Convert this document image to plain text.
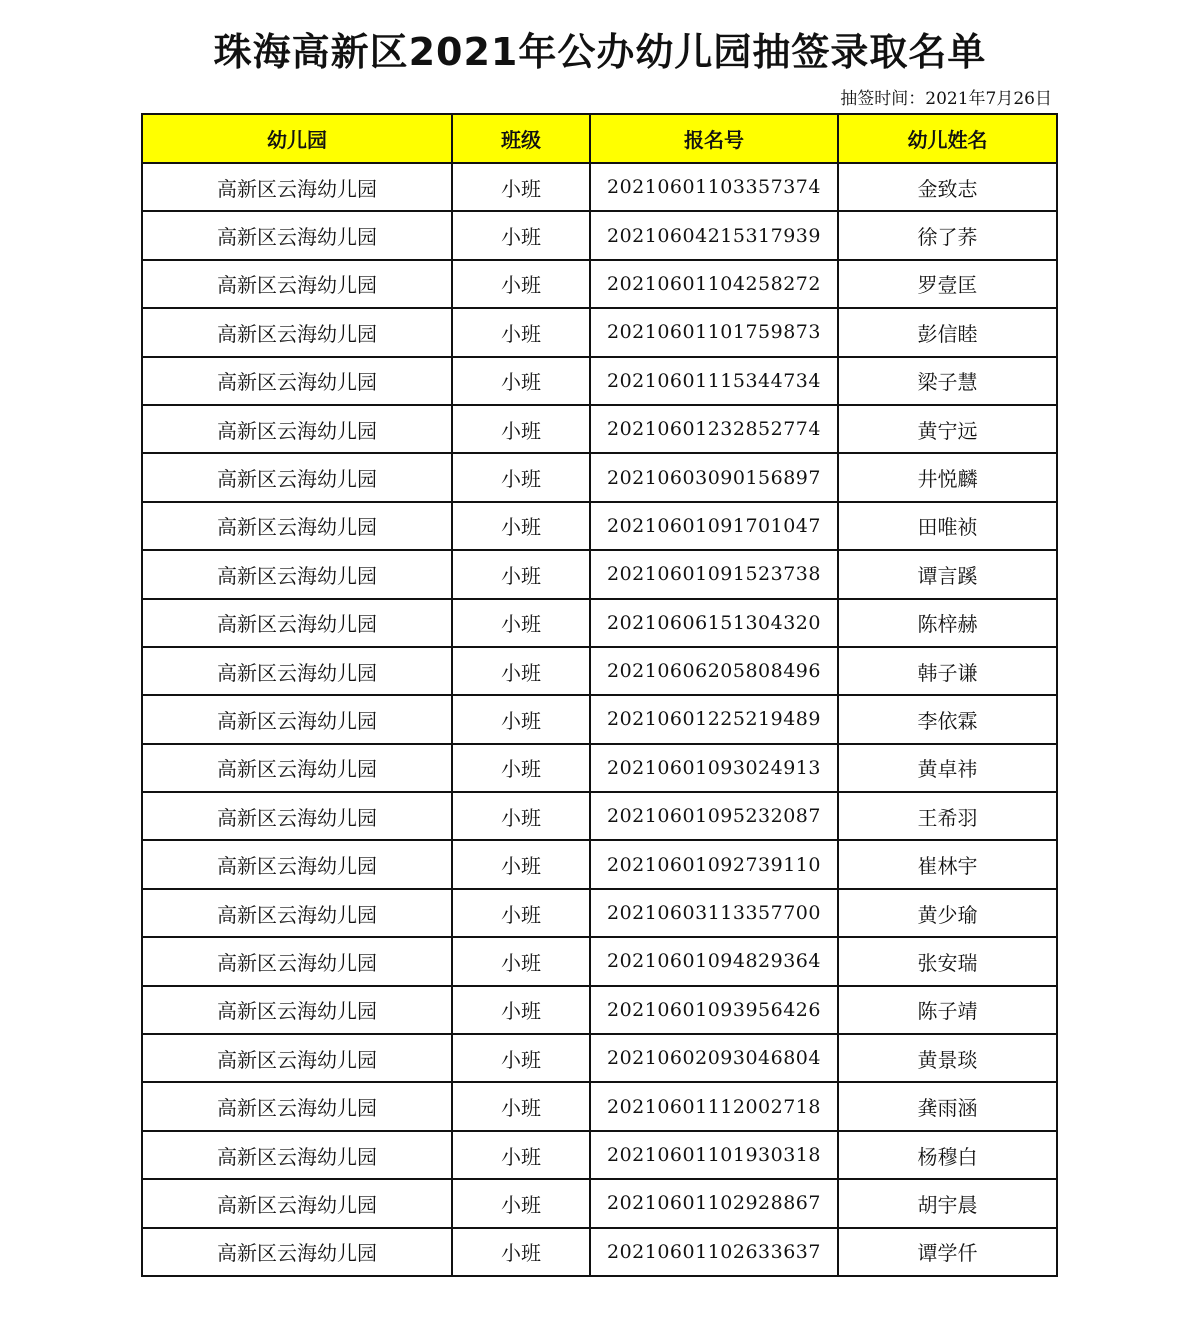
珠海高新区2021年公办幼儿园抽签录取名单
抽签时间：2021年7月26日
幼儿园	班级	报名号	幼儿姓名
高新区云海幼儿园	小班	20210601103357374	金致志
高新区云海幼儿园	小班	20210604215317939	徐了荞
高新区云海幼儿园	小班	20210601104258272	罗壹匡
高新区云海幼儿园	小班	20210601101759873	彭信睦
高新区云海幼儿园	小班	20210601115344734	梁子慧
高新区云海幼儿园	小班	20210601232852774	黄宁远
高新区云海幼儿园	小班	20210603090156897	井悦麟
高新区云海幼儿园	小班	20210601091701047	田唯祯
高新区云海幼儿园	小班	20210601091523738	谭言蹊
高新区云海幼儿园	小班	20210606151304320	陈梓赫
高新区云海幼儿园	小班	20210606205808496	韩子谦
高新区云海幼儿园	小班	20210601225219489	李依霖
高新区云海幼儿园	小班	20210601093024913	黄卓祎
高新区云海幼儿园	小班	20210601095232087	王希羽
高新区云海幼儿园	小班	20210601092739110	崔林宇
高新区云海幼儿园	小班	20210603113357700	黄少瑜
高新区云海幼儿园	小班	20210601094829364	张安瑞
高新区云海幼儿园	小班	20210601093956426	陈子靖
高新区云海幼儿园	小班	20210602093046804	黄景琰
高新区云海幼儿园	小班	20210601112002718	龚雨涵
高新区云海幼儿园	小班	20210601101930318	杨穆白
高新区云海幼儿园	小班	20210601102928867	胡宇晨
高新区云海幼儿园	小班	20210601102633637	谭学仟
